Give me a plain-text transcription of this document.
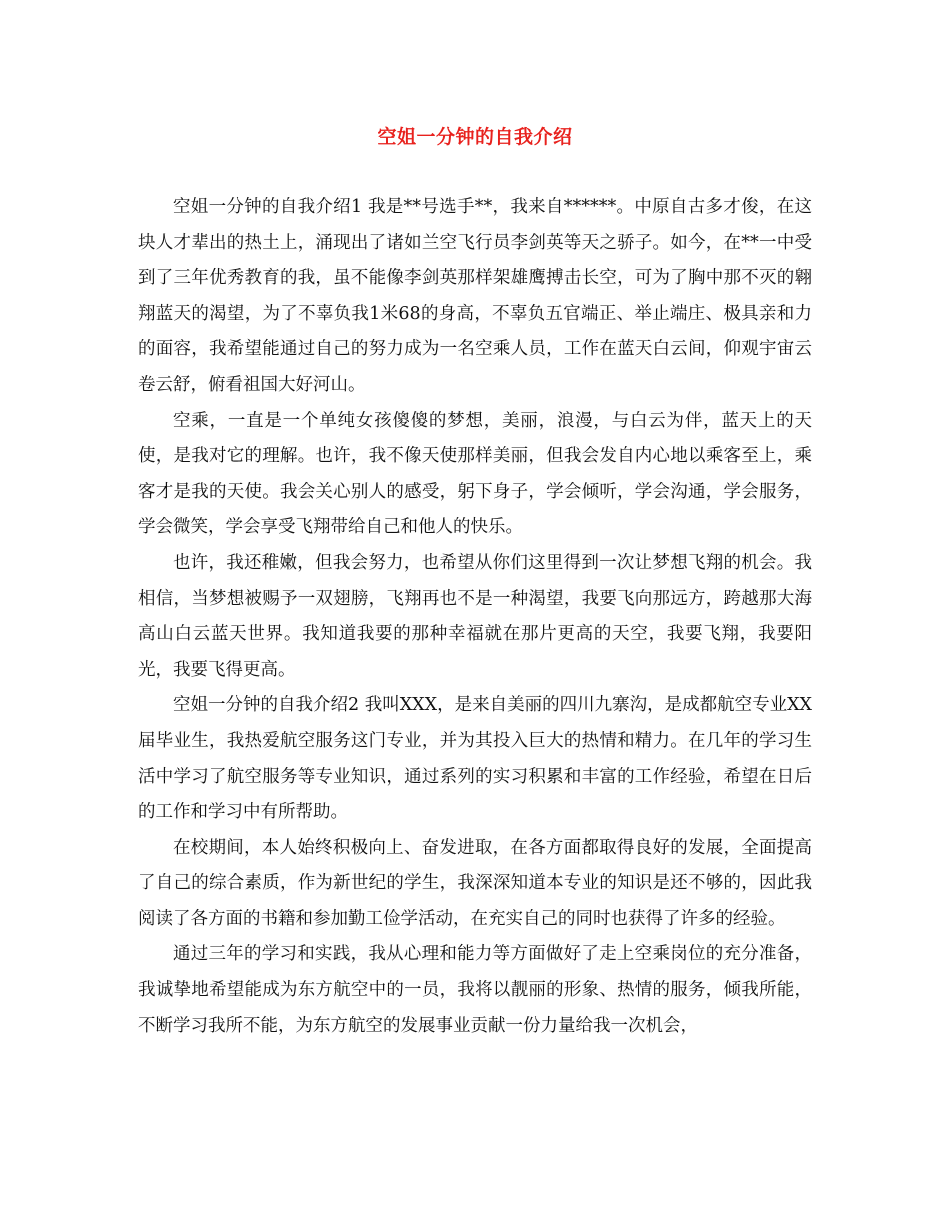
空姐一分钟的自我介绍

空姐一分钟的自我介绍1 我是**号选手**，我来自******。中原自古多才俊，在这块人才辈出的热土上，涌现出了诸如兰空飞行员李剑英等天之骄子。如今，在**一中受到了三年优秀教育的我，虽不能像李剑英那样架雄鹰搏击长空，可为了胸中那不灭的翱翔蓝天的渴望，为了不辜负我1米68的身高，不辜负五官端正、举止端庄、极具亲和力的面容，我希望能通过自己的努力成为一名空乘人员，工作在蓝天白云间，仰观宇宙云卷云舒，俯看祖国大好河山。

空乘，一直是一个单纯女孩傻傻的梦想，美丽，浪漫，与白云为伴，蓝天上的天使，是我对它的理解。也许，我不像天使那样美丽，但我会发自内心地以乘客至上，乘客才是我的天使。我会关心别人的感受，躬下身子，学会倾听，学会沟通，学会服务，学会微笑，学会享受飞翔带给自己和他人的快乐。

也许，我还稚嫩，但我会努力，也希望从你们这里得到一次让梦想飞翔的机会。我相信，当梦想被赐予一双翅膀，飞翔再也不是一种渴望，我要飞向那远方，跨越那大海高山白云蓝天世界。我知道我要的那种幸福就在那片更高的天空，我要飞翔，我要阳光，我要飞得更高。

空姐一分钟的自我介绍2 我叫XXX，是来自美丽的四川九寨沟，是成都航空专业XX届毕业生，我热爱航空服务这门专业，并为其投入巨大的热情和精力。在几年的学习生活中学习了航空服务等专业知识，通过系列的实习积累和丰富的工作经验，希望在日后的工作和学习中有所帮助。

在校期间，本人始终积极向上、奋发进取，在各方面都取得良好的发展，全面提高了自己的综合素质，作为新世纪的学生，我深深知道本专业的知识是还不够的，因此我阅读了各方面的书籍和参加勤工俭学活动，在充实自己的同时也获得了许多的经验。

通过三年的学习和实践，我从心理和能力等方面做好了走上空乘岗位的充分准备，我诚挚地希望能成为东方航空中的一员，我将以靓丽的形象、热情的服务，倾我所能，不断学习我所不能，为东方航空的发展事业贡献一份力量给我一次机会，
